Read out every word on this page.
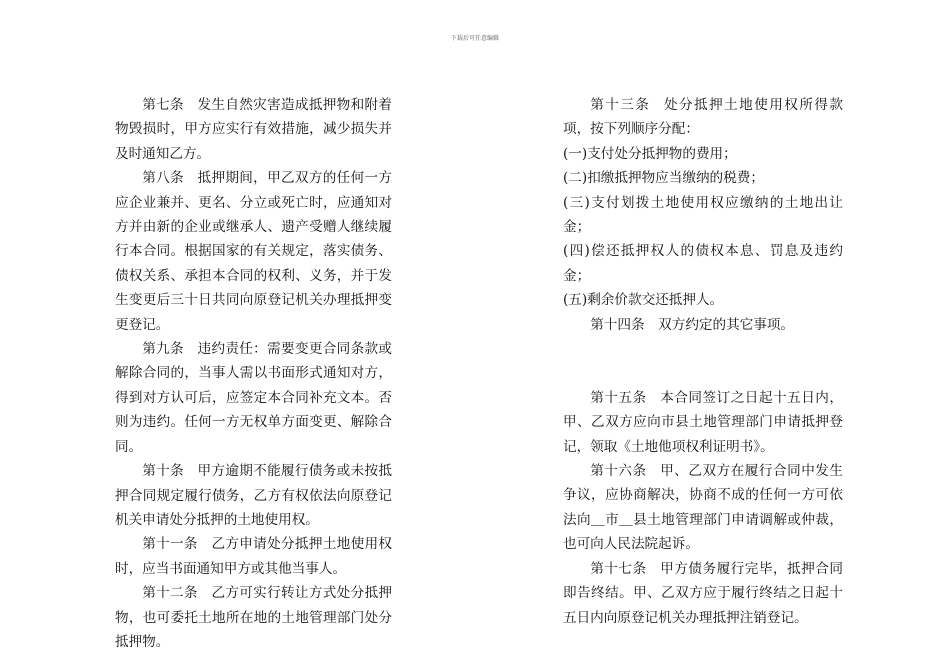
下载后可任意编辑

第七条 发生自然灾害造成抵押物和附着物毁损时，甲方应实行有效措施，减少损失并及时通知乙方。

第八条 抵押期间，甲乙双方的任何一方应企业兼并、更名、分立或死亡时，应通知对方并由新的企业或继承人、遗产受赠人继续履行本合同。根据国家的有关规定，落实债务、债权关系、承担本合同的权利、义务，并于发生变更后三十日共同向原登记机关办理抵押变更登记。

第九条 违约责任：需要变更合同条款或解除合同的，当事人需以书面形式通知对方，得到对方认可后，应签定本合同补充文本。否则为违约。任何一方无权单方面变更、解除合同。

第十条 甲方逾期不能履行债务或未按抵押合同规定履行债务，乙方有权依法向原登记机关申请处分抵押的土地使用权。

第十一条 乙方申请处分抵押土地使用权时，应当书面通知甲方或其他当事人。

第十二条 乙方可实行转让方式处分抵押物，也可委托土地所在地的土地管理部门处分抵押物。

第十三条 处分抵押土地使用权所得款项，按下列顺序分配：

(一)支付处分抵押物的费用；

(二)扣缴抵押物应当缴纳的税费；

(三)支付划拨土地使用权应缴纳的土地出让金；

(四)偿还抵押权人的债权本息、罚息及违约金；

(五)剩余价款交还抵押人。

第十四条 双方约定的其它事项。

第十五条 本合同签订之日起十五日内，甲、乙双方应向市县土地管理部门申请抵押登记，领取《土地他项权利证明书》。

第十六条 甲、乙双方在履行合同中发生争议，应协商解决，协商不成的任何一方可依法向＿市＿县土地管理部门申请调解或仲裁，也可向人民法院起诉。

第十七条 甲方债务履行完毕，抵押合同即告终结。甲、乙双方应于履行终结之日起十五日内向原登记机关办理抵押注销登记。
